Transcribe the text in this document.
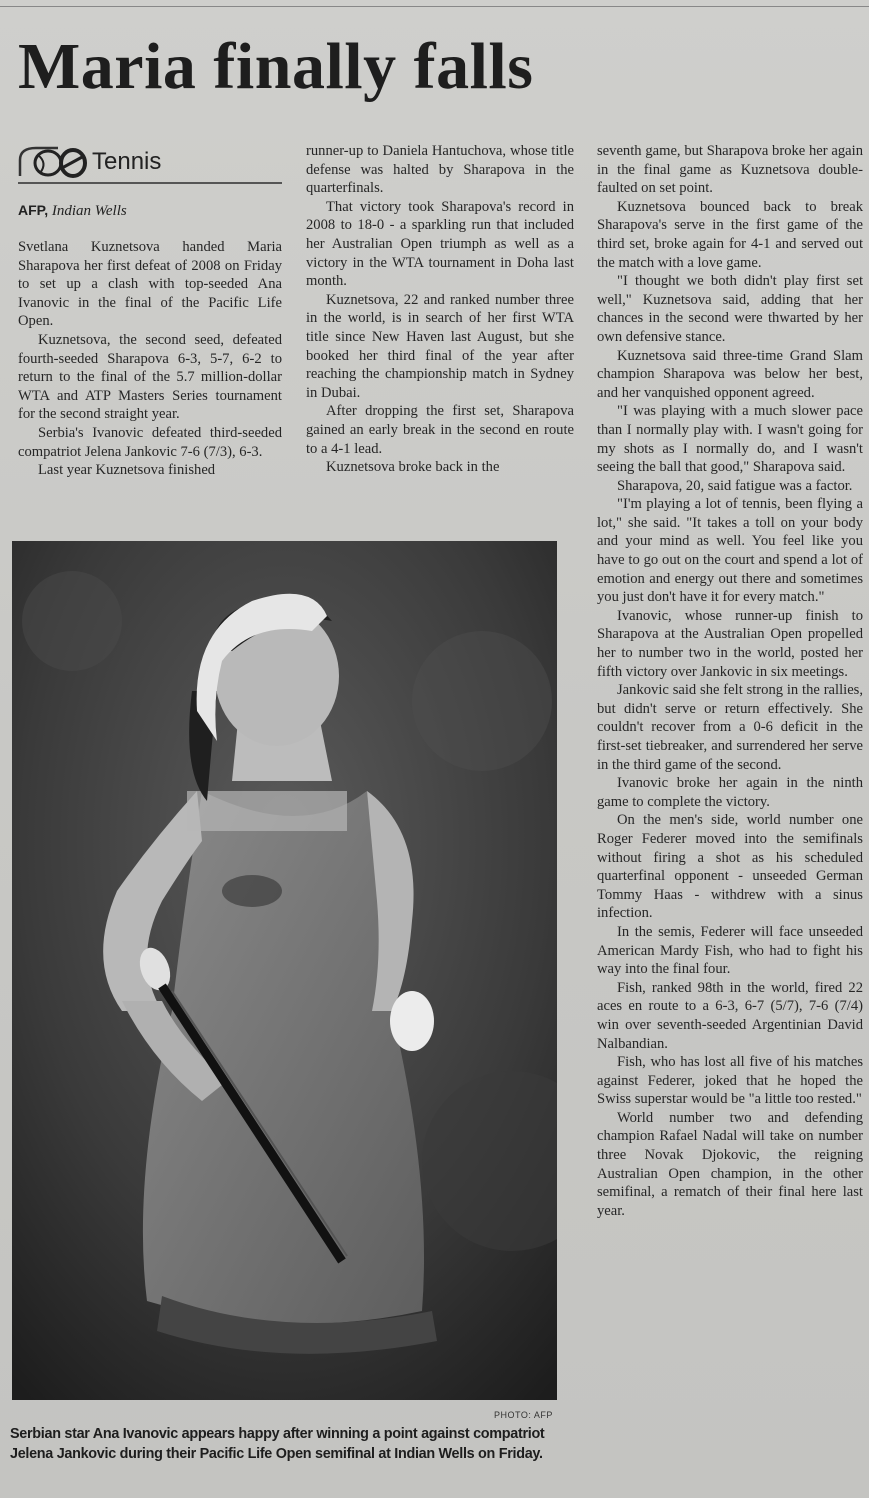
Maria finally falls
Tennis
AFP, Indian Wells

Svetlana Kuznetsova handed Maria Sharapova her first defeat of 2008 on Friday to set up a clash with top-seeded Ana Ivanovic in the final of the Pacific Life Open.

Kuznetsova, the second seed, defeated fourth-seeded Sharapova 6-3, 5-7, 6-2 to return to the final of the 5.7 million-dollar WTA and ATP Masters Series tournament for the second straight year.

Serbia's Ivanovic defeated third-seeded compatriot Jelena Jankovic 7-6 (7/3), 6-3.

Last year Kuznetsova finished

runner-up to Daniela Hantuchova, whose title defense was halted by Sharapova in the quarterfinals.

That victory took Sharapova's record in 2008 to 18-0 - a sparkling run that included her Australian Open triumph as well as a victory in the WTA tournament in Doha last month.

Kuznetsova, 22 and ranked number three in the world, is in search of her first WTA title since New Haven last August, but she booked her third final of the year after reaching the championship match in Sydney in Dubai.

After dropping the first set, Sharapova gained an early break in the second en route to a 4-1 lead.

Kuznetsova broke back in the

seventh game, but Sharapova broke her again in the final game as Kuznetsova double-faulted on set point.

Kuznetsova bounced back to break Sharapova's serve in the first game of the third set, broke again for 4-1 and served out the match with a love game.

"I thought we both didn't play first set well," Kuznetsova said, adding that her chances in the second were thwarted by her own defensive stance.

Kuznetsova said three-time Grand Slam champion Sharapova was below her best, and her vanquished opponent agreed.

"I was playing with a much slower pace than I normally play with. I wasn't going for my shots as I normally do, and I wasn't seeing the ball that good," Sharapova said.

Sharapova, 20, said fatigue was a factor.

"I'm playing a lot of tennis, been flying a lot," she said. "It takes a toll on your body and your mind as well. You feel like you have to go out on the court and spend a lot of emotion and energy out there and sometimes you just don't have it for every match."

Ivanovic, whose runner-up finish to Sharapova at the Australian Open propelled her to number two in the world, posted her fifth victory over Jankovic in six meetings.

Jankovic said she felt strong in the rallies, but didn't serve or return effectively. She couldn't recover from a 0-6 deficit in the first-set tiebreaker, and surrendered her serve in the third game of the second.

Ivanovic broke her again in the ninth game to complete the victory.

On the men's side, world number one Roger Federer moved into the semifinals without firing a shot as his scheduled quarterfinal opponent - unseeded German Tommy Haas - withdrew with a sinus infection.

In the semis, Federer will face unseeded American Mardy Fish, who had to fight his way into the final four.

Fish, ranked 98th in the world, fired 22 aces en route to a 6-3, 6-7 (5/7), 7-6 (7/4) win over seventh-seeded Argentinian David Nalbandian.

Fish, who has lost all five of his matches against Federer, joked that he hoped the Swiss superstar would be "a little too rested."

World number two and defending champion Rafael Nadal will take on number three Novak Djokovic, the reigning Australian Open champion, in the other semifinal, a rematch of their final here last year.

PHOTO: AFP
Serbian star Ana Ivanovic appears happy after winning a point against compatriot Jelena Jankovic during their Pacific Life Open semifinal at Indian Wells on Friday.
